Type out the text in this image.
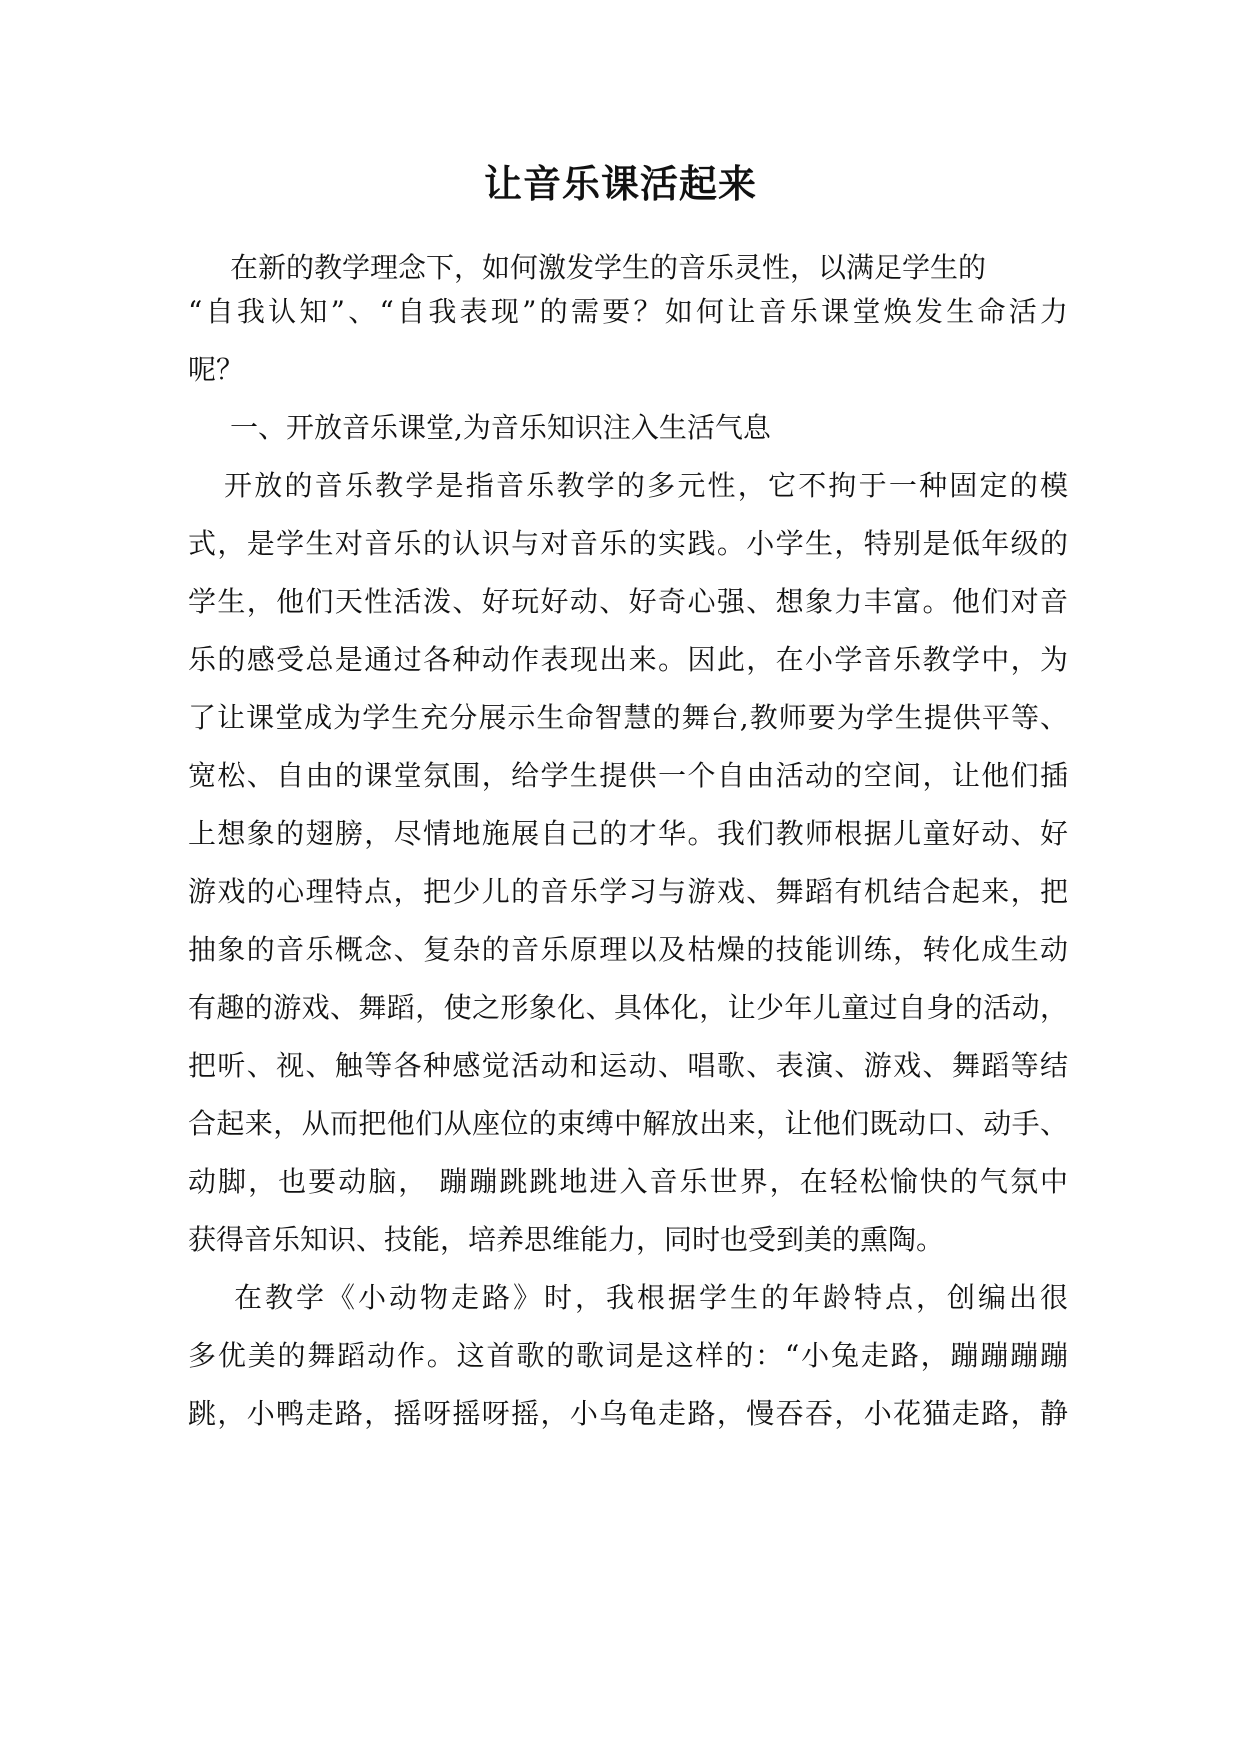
让音乐课活起来
在新的教学理念下，如何激发学生的音乐灵性，以满足学生的
“自我认知”、“自我表现”的需要？如何让音乐课堂焕发生命活力
呢？
一、开放音乐课堂,为音乐知识注入生活气息
开放的音乐教学是指音乐教学的多元性，它不拘于一种固定的模
式，是学生对音乐的认识与对音乐的实践。小学生，特别是低年级的
学生，他们天性活泼、好玩好动、好奇心强、想象力丰富。他们对音
乐的感受总是通过各种动作表现出来。因此，在小学音乐教学中，为
了让课堂成为学生充分展示生命智慧的舞台,教师要为学生提供平等、
宽松、自由的课堂氛围，给学生提供一个自由活动的空间，让他们插
上想象的翅膀，尽情地施展自己的才华。我们教师根据儿童好动、好
游戏的心理特点，把少儿的音乐学习与游戏、舞蹈有机结合起来，把
抽象的音乐概念、复杂的音乐原理以及枯燥的技能训练，转化成生动
有趣的游戏、舞蹈，使之形象化、具体化，让少年儿童过自身的活动，
把听、视、触等各种感觉活动和运动、唱歌、表演、游戏、舞蹈等结
合起来，从而把他们从座位的束缚中解放出来，让他们既动口、动手、
动脚，也要动脑， 蹦蹦跳跳地进入音乐世界，在轻松愉快的气氛中
获得音乐知识、技能，培养思维能力，同时也受到美的熏陶。
在教学《小动物走路》时，我根据学生的年龄特点，创编出很
多优美的舞蹈动作。这首歌的歌词是这样的：“小兔走路，蹦蹦蹦蹦
跳，小鸭走路，摇呀摇呀摇，小乌龟走路，慢吞吞，小花猫走路，静
